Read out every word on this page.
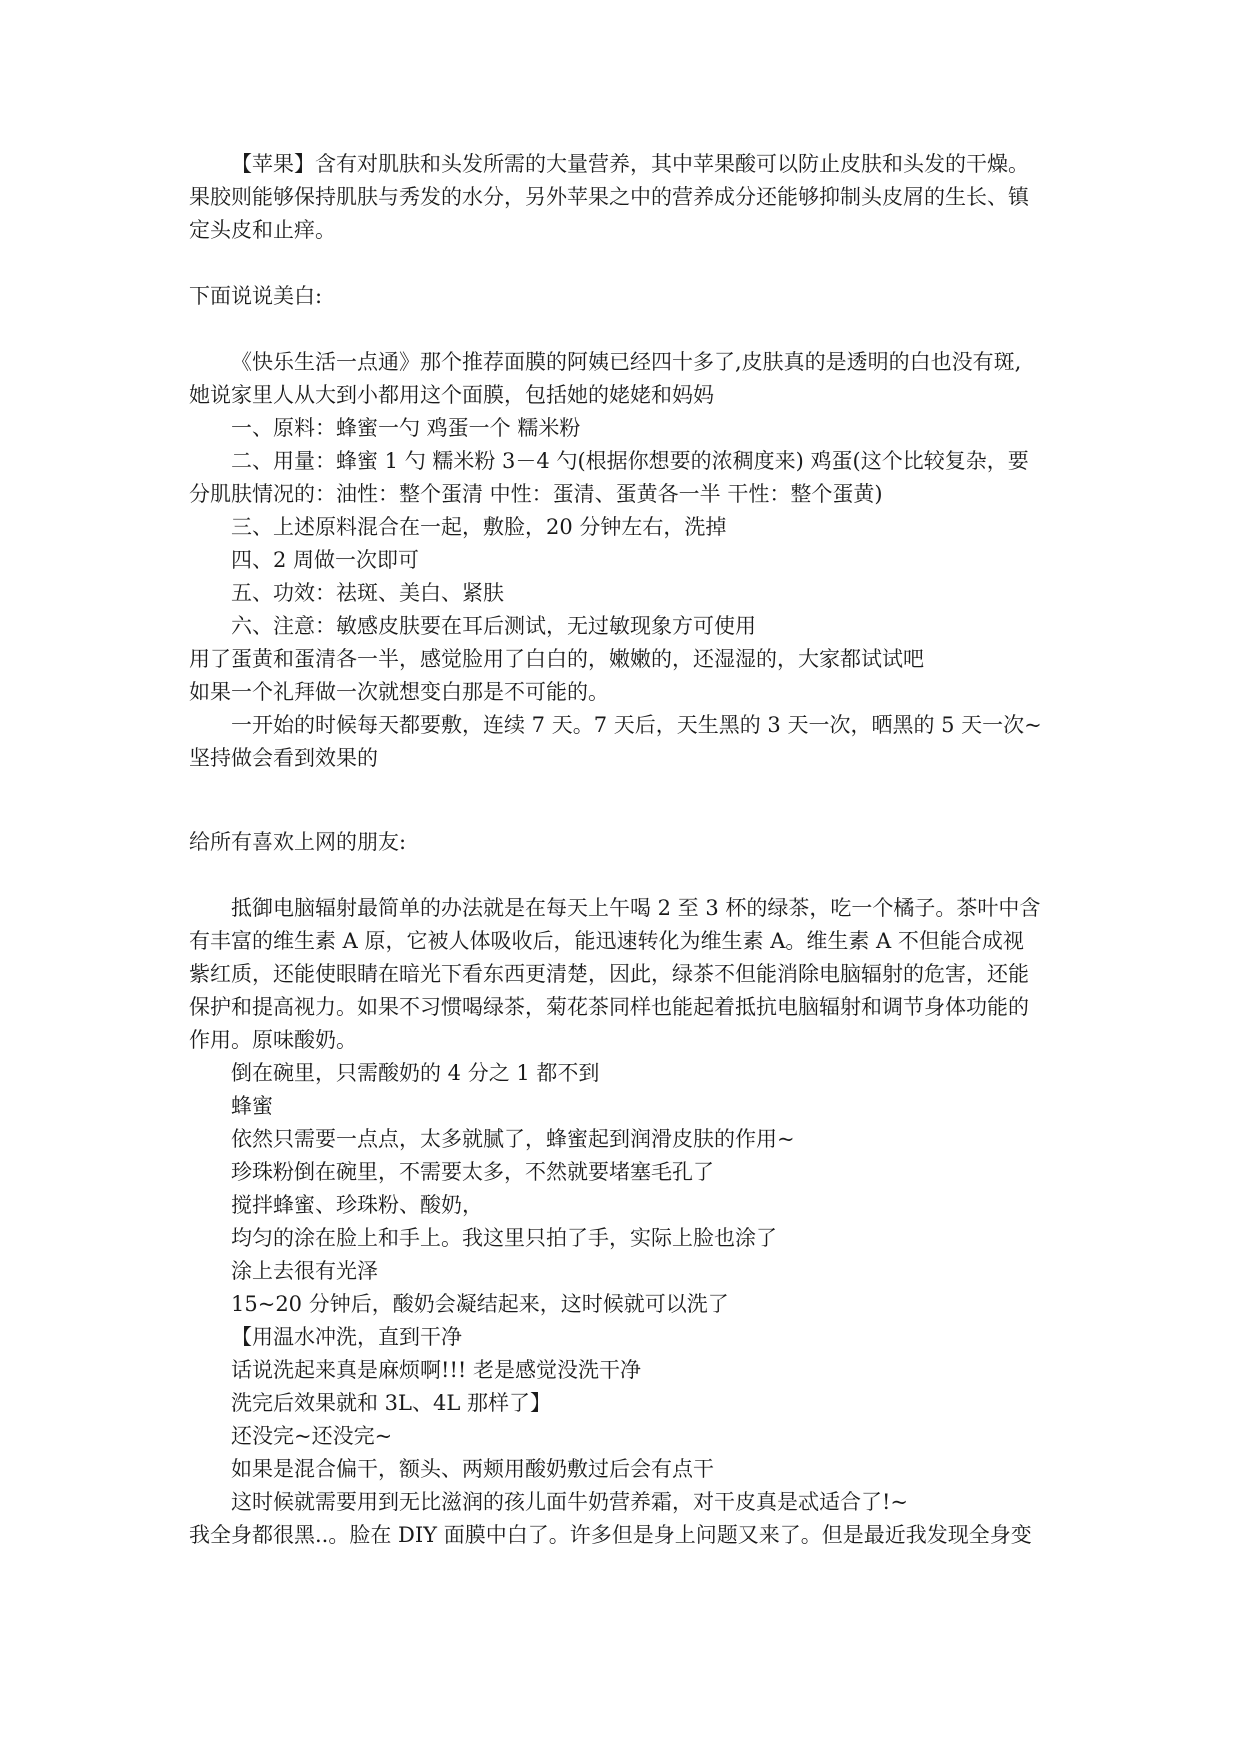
【苹果】含有对肌肤和头发所需的大量营养，其中苹果酸可以防止皮肤和头发的干燥。
果胶则能够保持肌肤与秀发的水分，另外苹果之中的营养成分还能够抑制头皮屑的生长、镇
定头皮和止痒。
下面说说美白:
《快乐生活一点通》那个推荐面膜的阿姨已经四十多了,皮肤真的是透明的白也没有斑,
她说家里人从大到小都用这个面膜，包括她的姥姥和妈妈
一、原料：蜂蜜一勺 鸡蛋一个 糯米粉
二、用量：蜂蜜 1 勺 糯米粉 3－4 勺(根据你想要的浓稠度来) 鸡蛋(这个比较复杂，要
分肌肤情况的：油性：整个蛋清 中性：蛋清、蛋黄各一半 干性：整个蛋黄)
三、上述原料混合在一起，敷脸，20 分钟左右，洗掉
四、2 周做一次即可
五、功效：祛斑、美白、紧肤
六、注意：敏感皮肤要在耳后测试，无过敏现象方可使用
用了蛋黄和蛋清各一半，感觉脸用了白白的，嫩嫩的，还湿湿的，大家都试试吧
如果一个礼拜做一次就想变白那是不可能的。
一开始的时候每天都要敷，连续 7 天。7 天后，天生黑的 3 天一次，晒黑的 5 天一次~
坚持做会看到效果的
给所有喜欢上网的朋友:
抵御电脑辐射最简单的办法就是在每天上午喝 2 至 3 杯的绿茶，吃一个橘子。茶叶中含
有丰富的维生素 A 原，它被人体吸收后，能迅速转化为维生素 A。维生素 A 不但能合成视
紫红质，还能使眼睛在暗光下看东西更清楚，因此，绿茶不但能消除电脑辐射的危害，还能
保护和提高视力。如果不习惯喝绿茶，菊花茶同样也能起着抵抗电脑辐射和调节身体功能的
作用。原味酸奶。
倒在碗里，只需酸奶的 4 分之 1 都不到
蜂蜜
依然只需要一点点，太多就腻了，蜂蜜起到润滑皮肤的作用~
珍珠粉倒在碗里，不需要太多，不然就要堵塞毛孔了
搅拌蜂蜜、珍珠粉、酸奶，
均匀的涂在脸上和手上。我这里只拍了手，实际上脸也涂了
涂上去很有光泽
15~20 分钟后，酸奶会凝结起来，这时候就可以洗了
【用温水冲洗，直到干净
话说洗起来真是麻烦啊!!! 老是感觉没洗干净
洗完后效果就和 3L、4L 那样了】
还没完~还没完~
如果是混合偏干，额头、两颊用酸奶敷过后会有点干
这时候就需要用到无比滋润的孩儿面牛奶营养霜，对干皮真是忒适合了!~
我全身都很黑..。脸在 DIY 面膜中白了。许多但是身上问题又来了。但是最近我发现全身变
